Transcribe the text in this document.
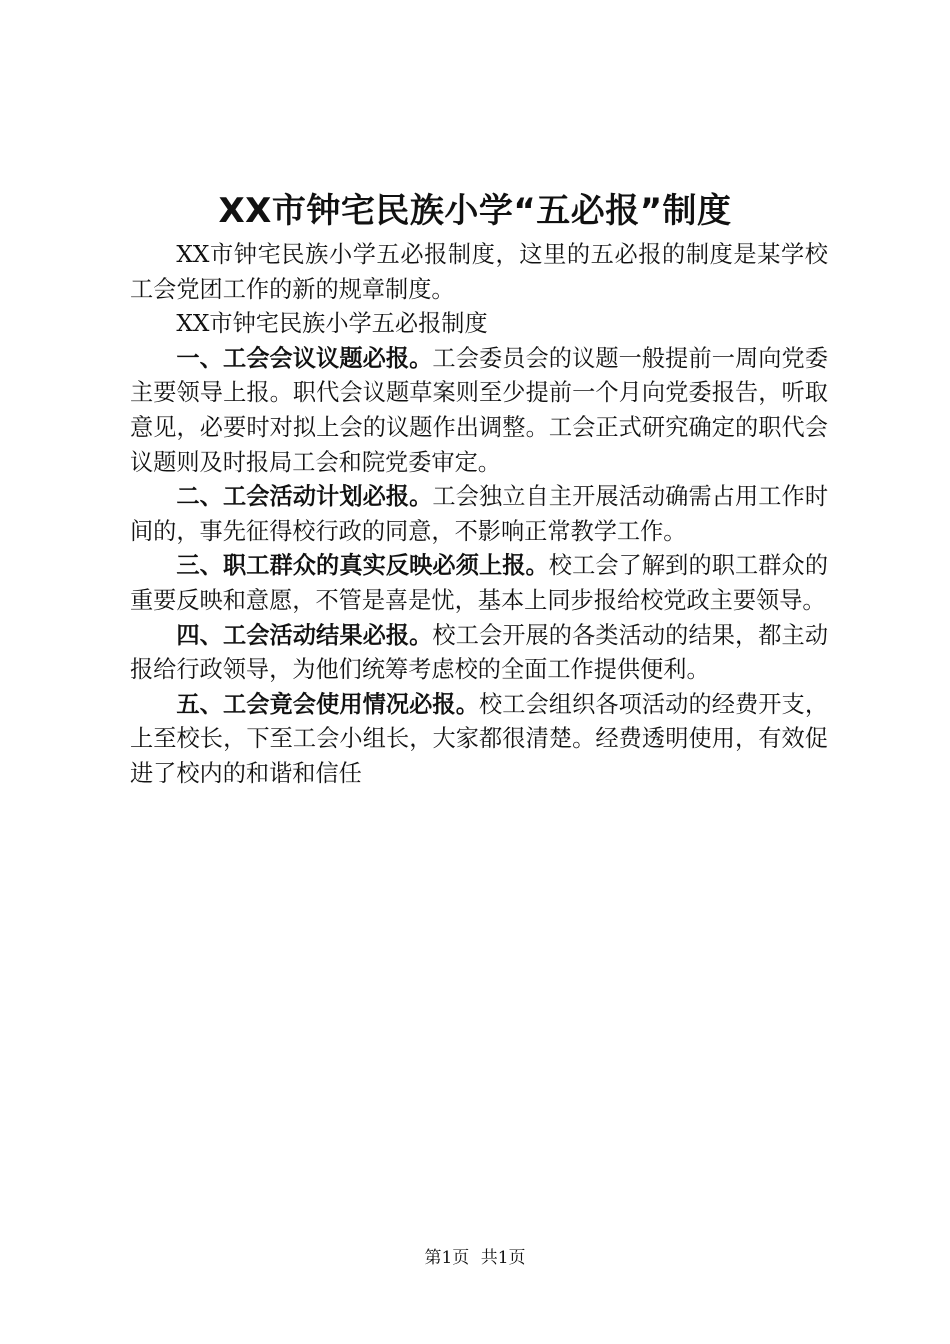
XX市钟宅民族小学“五必报”制度

XX市钟宅民族小学五必报制度，这里的五必报的制度是某学校工会党团工作的新的规章制度。

XX市钟宅民族小学五必报制度

一、工会会议议题必报。工会委员会的议题一般提前一周向党委主要领导上报。职代会议题草案则至少提前一个月向党委报告，听取意见，必要时对拟上会的议题作出调整。工会正式研究确定的职代会议题则及时报局工会和院党委审定。

二、工会活动计划必报。工会独立自主开展活动确需占用工作时间的，事先征得校行政的同意，不影响正常教学工作。

三、职工群众的真实反映必须上报。校工会了解到的职工群众的重要反映和意愿，不管是喜是忧，基本上同步报给校党政主要领导。

四、工会活动结果必报。校工会开展的各类活动的结果，都主动报给行政领导，为他们统筹考虑校的全面工作提供便利。

五、工会竟会使用情况必报。校工会组织各项活动的经费开支，上至校长，下至工会小组长，大家都很清楚。经费透明使用，有效促进了校内的和谐和信任

第1页 共1页
